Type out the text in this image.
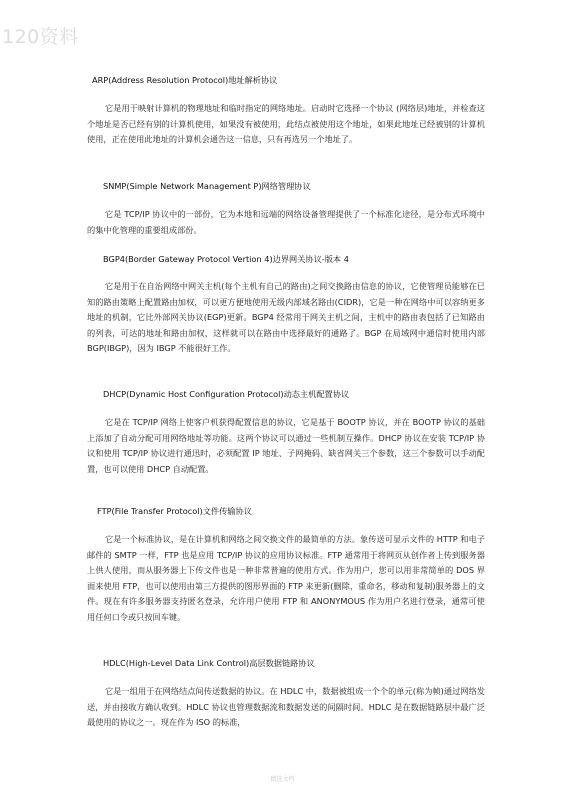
120资料
ARP(Address Resolution Protocol)地址解析协议

它是用于映射计算机的物理地址和临时指定的网络地址。启动时它选择一个协议 (网络层)地址，并检查这个地址是否已经有别的计算机使用，如果没有被使用，此结点被使用这个地址，如果此地址已经被别的计算机使用，正在使用此地址的计算机会通告这一信息，只有再选另一个地址了。

SNMP(Simple Network Management P)网络管理协议

它是 TCP/IP 协议中的一部份，它为本地和远端的网络设备管理提供了一个标准化途径，是分布式环境中的集中化管理的重要组成部份。

BGP4(Border Gateway Protocol Vertion 4)边界网关协议-版本 4

它是用于在自治网络中网关主机(每个主机有自己的路由)之间交换路由信息的协议，它使管理员能够在已知的路由策略上配置路由加权，可以更方便地使用无级内部域名路由(CIDR)，它是一种在网络中可以容纳更多地址的机制，它比外部网关协议(EGP)更新。BGP4 经常用于网关主机之间，主机中的路由表包括了已知路由的列表，可达的地址和路由加权，这样就可以在路由中选择最好的通路了。BGP 在局域网中通信时使用内部 BGP(IBGP)，因为 IBGP 不能很好工作。

DHCP(Dynamic Host Configuration Protocol)动态主机配置协议

它是在 TCP/IP 网络上使客户机获得配置信息的协议，它是基于 BOOTP 协议，并在 BOOTP 协议的基础上添加了自动分配可用网络地址等功能。这两个协议可以通过一些机制互操作。DHCP 协议在安装 TCP/IP 协议和使用 TCP/IP 协议进行通迅时，必须配置 IP 地址、子网掩码、缺省网关三个参数，这三个参数可以手动配置，也可以使用 DHCP 自动配置。

FTP(File Transfer Protocol)文件传输协议

它是一个标准协议，是在计算机和网络之间交换文件的最简单的方法。象传送可显示文件的 HTTP 和电子邮件的 SMTP 一样，FTP 也是应用 TCP/IP 协议的应用协议标准。FTP 通常用于将网页从创作者上传到服务器上供人使用，而从服务器上下传文件也是一种非常普遍的使用方式。作为用户，您可以用非常简单的 DOS 界面来使用 FTP，也可以使用由第三方提供的图形界面的 FTP 来更新(删除，重命名，移动和复制)服务器上的文件。现在有许多服务器支持匿名登录，允许用户使用 FTP 和 ANONYMOUS 作为用户名进行登录，通常可使用任何口令或只按回车键。

HDLC(High-Level Data Link Control)高层数据链路协议

它是一组用于在网络结点间传送数据的协议。在 HDLC 中，数据被组成一个个的单元(称为帧)通过网络发送，并由接收方确认收到。HDLC 协议也管理数据流和数据发送的间隔时间。HDLC 是在数据链路层中最广泛最使用的协议之一。现在作为 ISO 的标准，

精选文档
